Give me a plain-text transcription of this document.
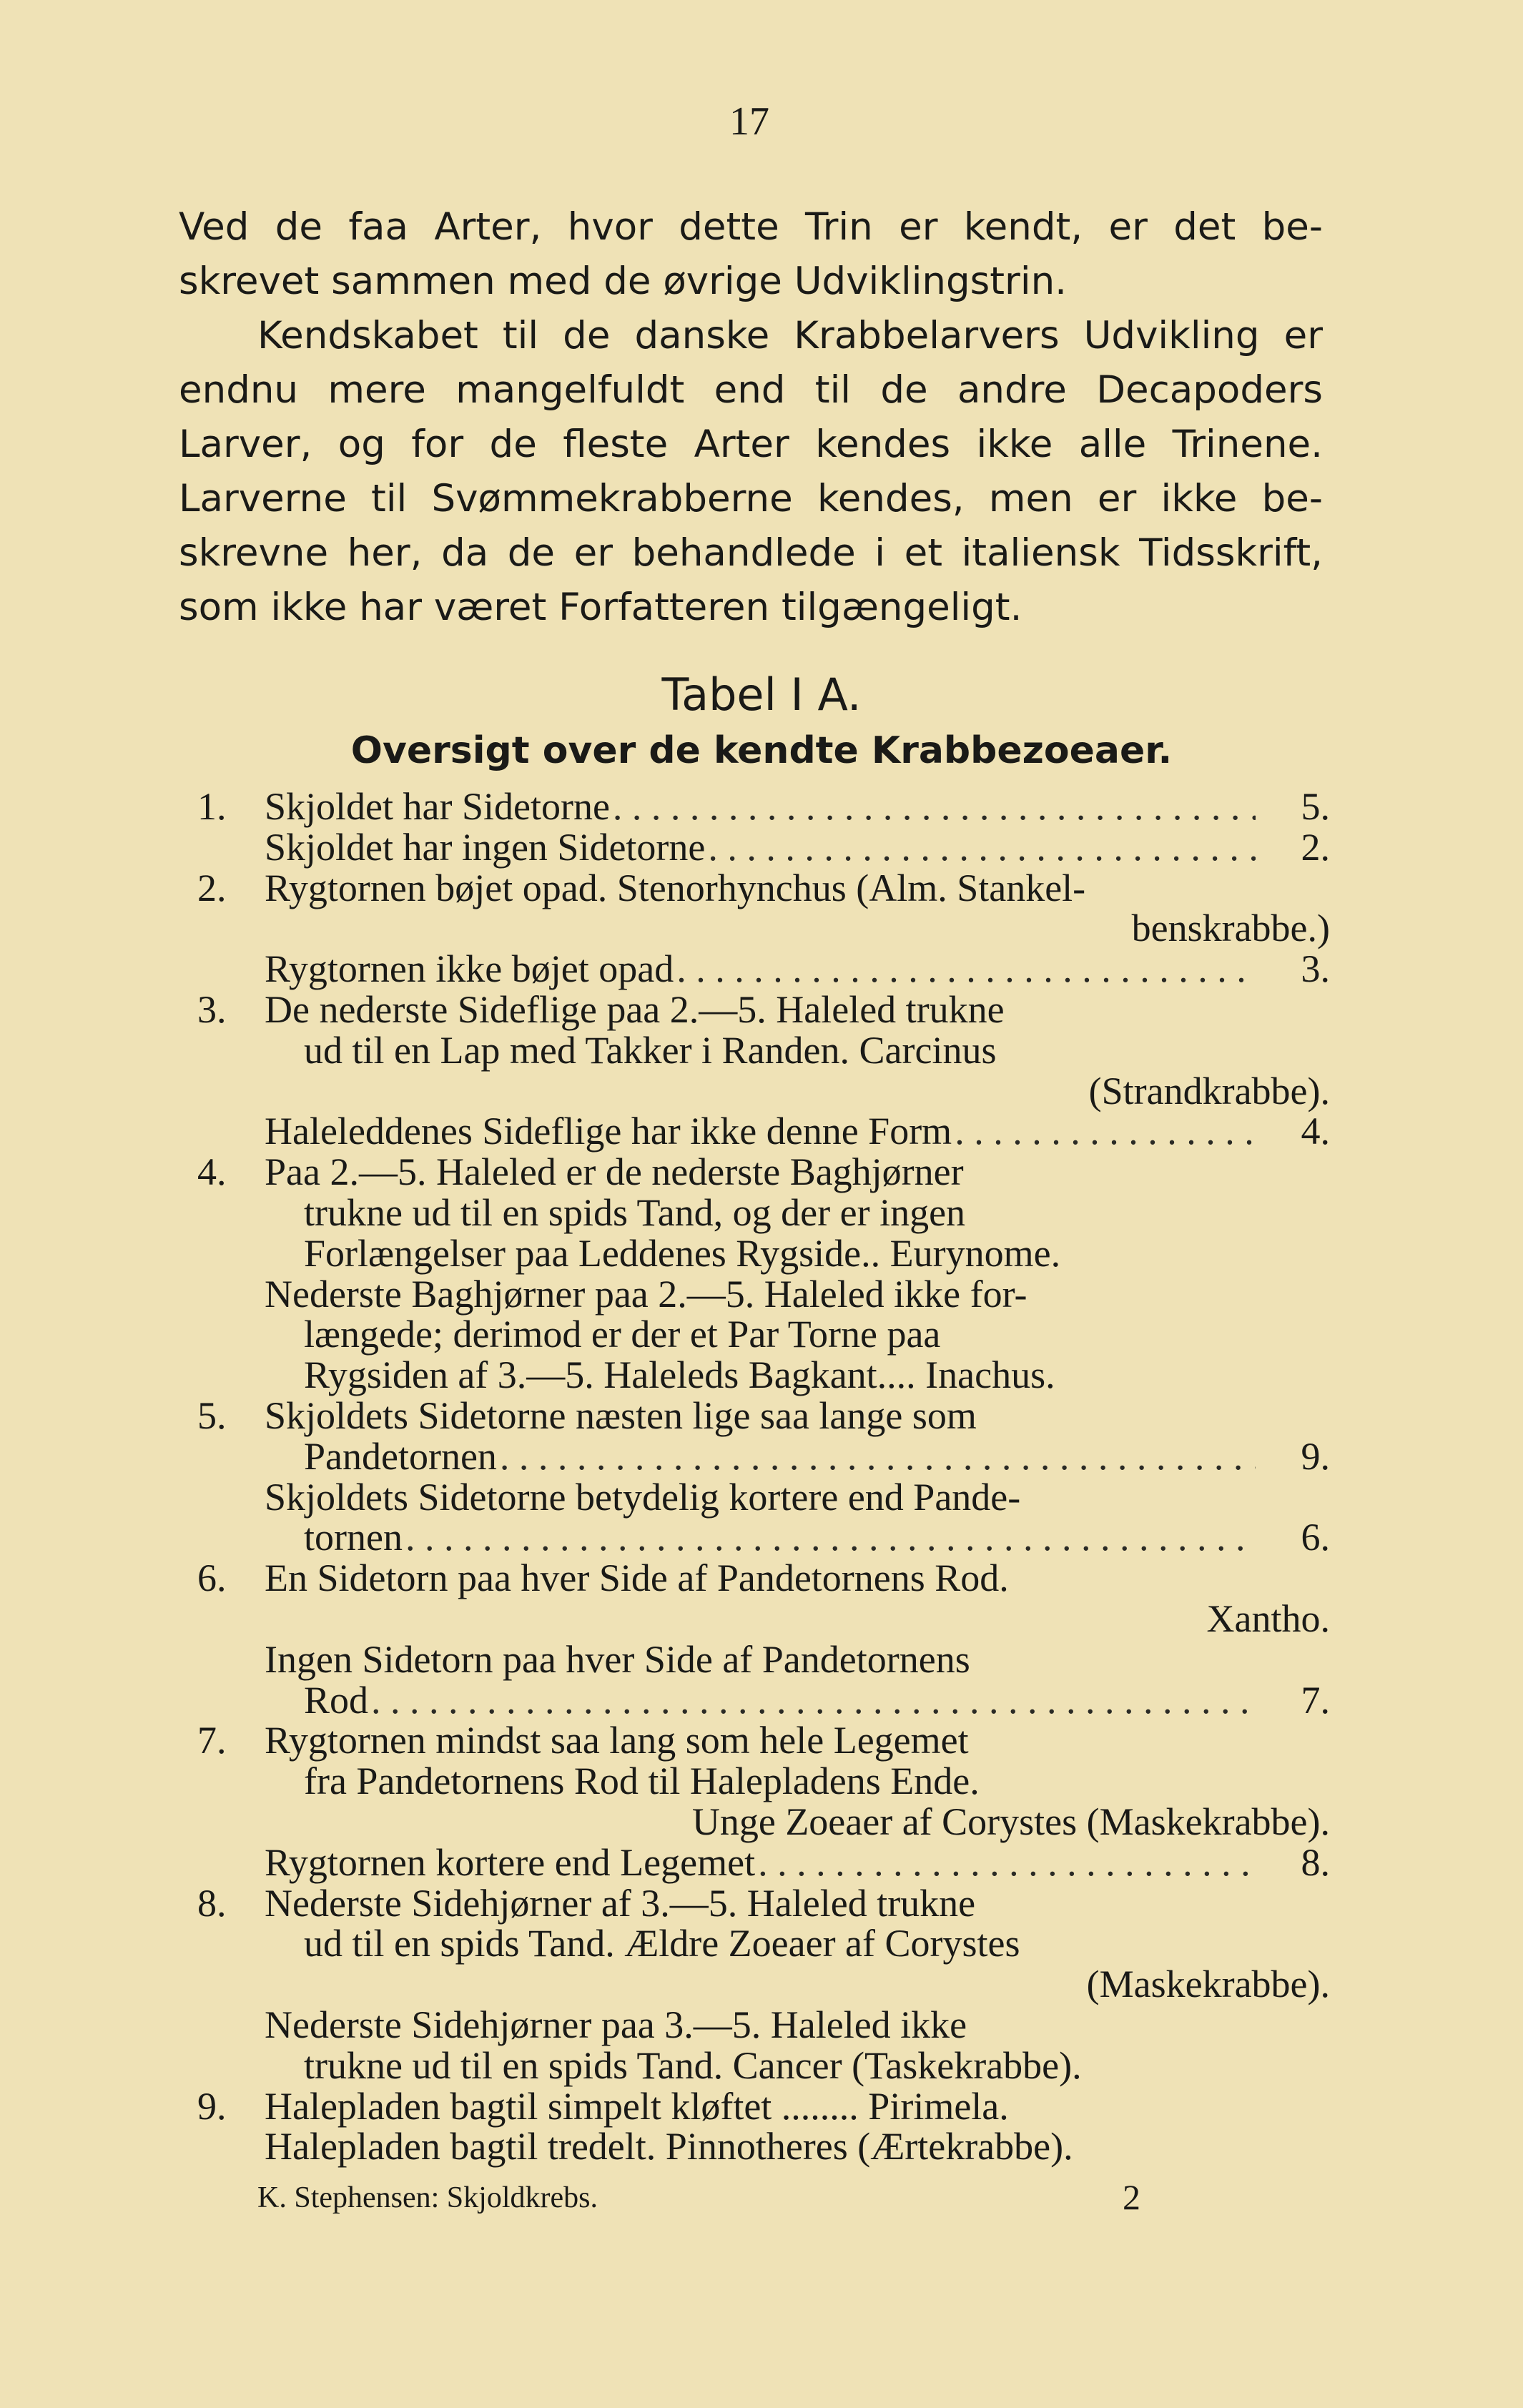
17
Ved de faa Arter, hvor dette Trin er kendt, er det be-
skrevet sammen med de øvrige Udviklingstrin.
Kendskabet til de danske Krabbelarvers Udvikling er
endnu mere mangelfuldt end til de andre Decapoders
Larver, og for de fleste Arter kendes ikke alle Trinene.
Larverne til Svømmekrabberne kendes, men er ikke be-
skrevne her, da de er behandlede i et italiensk Tidsskrift,
som ikke har været Forfatteren tilgængeligt.
Tabel I A.
Oversigt over de kendte Krabbezoeaer.
1. Skjoldet har Sidetorne . . .	5.
Skjoldet har ingen Sidetorne . . .	2.
2. Rygtornen bøjet opad. Stenorhynchus (Alm. Stankel-
benskrabbe.)
Rygtornen ikke bøjet opad . . .	3.
3. De nederste Sideflige paa 2.—5. Haleled trukne
ud til en Lap med Takker i Randen. Carcinus
(Strandkrabbe).
Haleleddenes Sideflige har ikke denne Form . . .	4.
4. Paa 2.—5. Haleled er de nederste Baghjørner
trukne ud til en spids Tand, og der er ingen
Forlængelser paa Leddenes Rygside.. Eurynome.
Nederste Baghjørner paa 2.—5. Haleled ikke for-
længede; derimod er der et Par Torne paa
Rygsiden af 3.—5. Haleleds Bagkant.... Inachus.
5. Skjoldets Sidetorne næsten lige saa lange som
Pandetornen . . .	9.
Skjoldets Sidetorne betydelig kortere end Pande-
tornen . . .	6.
6. En Sidetorn paa hver Side af Pandetornens Rod.
Xantho.
Ingen Sidetorn paa hver Side af Pandetornens
Rod . . .	7.
7. Rygtornen mindst saa lang som hele Legemet
fra Pandetornens Rod til Halepladens Ende.
Unge Zoeaer af Corystes (Maskekrabbe).
Rygtornen kortere end Legemet . . .	8.
8. Nederste Sidehjørner af 3.—5. Haleled trukne
ud til en spids Tand. Ældre Zoeaer af Corystes
(Maskekrabbe).
Nederste Sidehjørner paa 3.—5. Haleled ikke
trukne ud til en spids Tand. Cancer (Taskekrabbe).
9. Halepladen bagtil simpelt kløftet ........ Pirimela.
Halepladen bagtil tredelt. Pinnotheres (Ærtekrabbe).
K. Stephensen: Skjoldkrebs.	2
